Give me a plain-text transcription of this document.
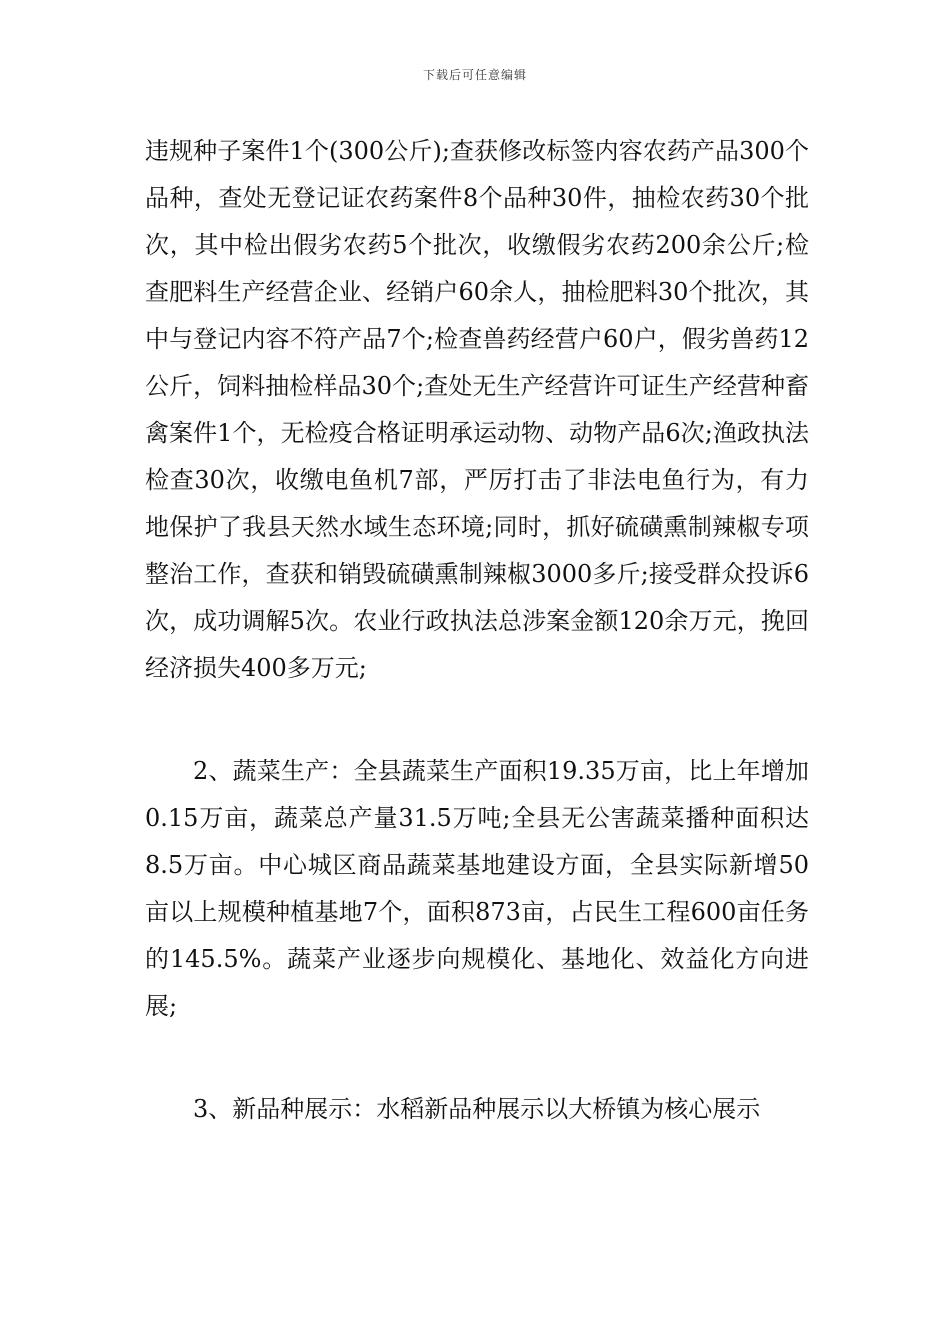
下载后可任意编辑

违规种子案件1个(300公斤);查获修改标签内容农药产品300个品种，查处无登记证农药案件8个品种30件，抽检农药30个批次，其中检出假劣农药5个批次，收缴假劣农药200余公斤;检查肥料生产经营企业、经销户60余人，抽检肥料30个批次，其中与登记内容不符产品7个;检查兽药经营户60户，假劣兽药12公斤，饲料抽检样品30个;查处无生产经营许可证生产经营种畜禽案件1个，无检疫合格证明承运动物、动物产品6次;渔政执法检查30次，收缴电鱼机7部，严厉打击了非法电鱼行为，有力地保护了我县天然水域生态环境;同时，抓好硫磺熏制辣椒专项整治工作，查获和销毁硫磺熏制辣椒3000多斤;接受群众投诉6次，成功调解5次。农业行政执法总涉案金额120余万元，挽回经济损失400多万元;

2、蔬菜生产：全县蔬菜生产面积19.35万亩，比上年增加0.15万亩，蔬菜总产量31.5万吨;全县无公害蔬菜播种面积达8.5万亩。中心城区商品蔬菜基地建设方面，全县实际新增50亩以上规模种植基地7个，面积873亩，占民生工程600亩任务的145.5%。蔬菜产业逐步向规模化、基地化、效益化方向进展;

3、新品种展示：水稻新品种展示以大桥镇为核心展示
